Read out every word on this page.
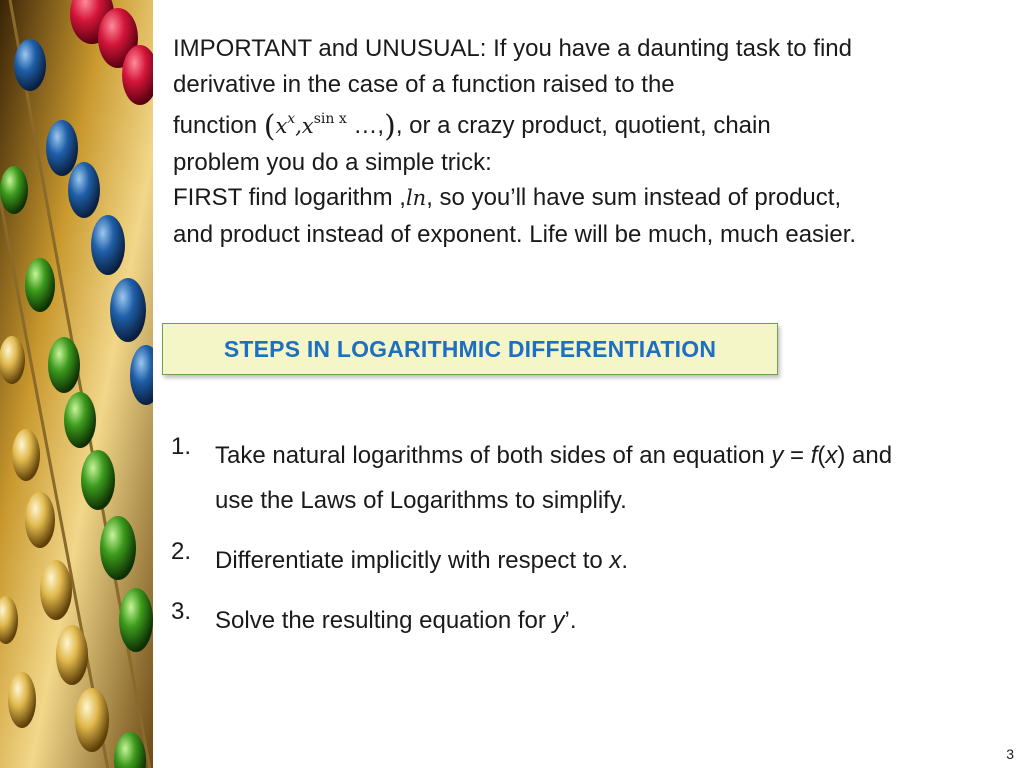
IMPORTANT and UNUSUAL: If you have a daunting task to find

derivative in the case of a function raised to the

function ($x^x,x^{sin x}$ …,), or a crazy product, quotient, chain

problem you do a simple trick:

FIRST find logarithm ,ln, so you’ll have sum instead of product,

and product instead of exponent. Life will be much, much easier.

STEPS IN LOGARITHMIC DIFFERENTIATION
1. Take natural logarithms of both sides of an equation y = f(x) and
use the Laws of Logarithms to simplify.
2. Differentiate implicitly with respect to x.
3. Solve the resulting equation for y’.
3
